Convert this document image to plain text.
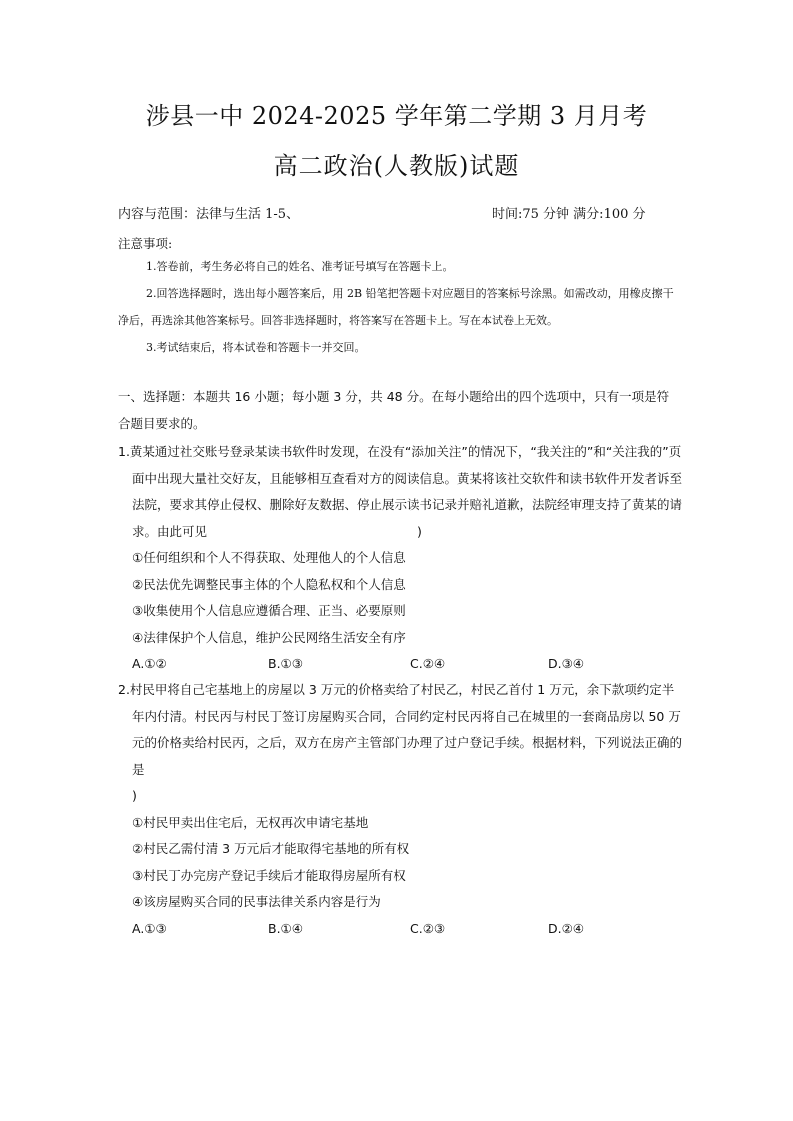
涉县一中 2024-2025 学年第二学期 3 月月考
高二政治(人教版)试题
内容与范围：法律与生活 1-5、	时间:75 分钟 满分:100 分
注意事项:
1.答卷前，考生务必将自己的姓名、准考证号填写在答题卡上。
2.回答选择题时，选出每小题答案后，用 2B 铅笔把答题卡对应题目的答案标号涂黑。如需改动，用橡皮擦干净后，再选涂其他答案标号。回答非选择题时，将答案写在答题卡上。写在本试卷上无效。
3.考试结束后，将本试卷和答题卡一并交回。
一、选择题：本题共 16 小题；每小题 3 分，共 48 分。在每小题给出的四个选项中，只有一项是符合题目要求的。
1.黄某通过社交账号登录某读书软件时发现，在没有“添加关注”的情况下，“我关注的”和“关注我的”页面中出现大量社交好友，且能够相互查看对方的阅读信息。黄某将该社交软件和读书软件开发者诉至法院，要求其停止侵权、删除好友数据、停止展示读书记录并赔礼道歉，法院经审理支持了黄某的请求。由此可见	)
①任何组织和个人不得获取、处理他人的个人信息
②民法优先调整民事主体的个人隐私权和个人信息
③收集使用个人信息应遵循合理、正当、必要原则
④法律保护个人信息，维护公民网络生活安全有序
A.①②	B.①③	C.②④	D.③④
2.村民甲将自己宅基地上的房屋以 3 万元的价格卖给了村民乙，村民乙首付 1 万元，余下款项约定半年内付清。村民丙与村民丁签订房屋购买合同，合同约定村民丙将自己在城里的一套商品房以 50 万元的价格卖给村民丙，之后，双方在房产主管部门办理了过户登记手续。根据材料，下列说法正确的是
)
①村民甲卖出住宅后，无权再次申请宅基地
②村民乙需付清 3 万元后才能取得宅基地的所有权
③村民丁办完房产登记手续后才能取得房屋所有权
④该房屋购买合同的民事法律关系内容是行为
A.①③	B.①④	C.②③	D.②④
